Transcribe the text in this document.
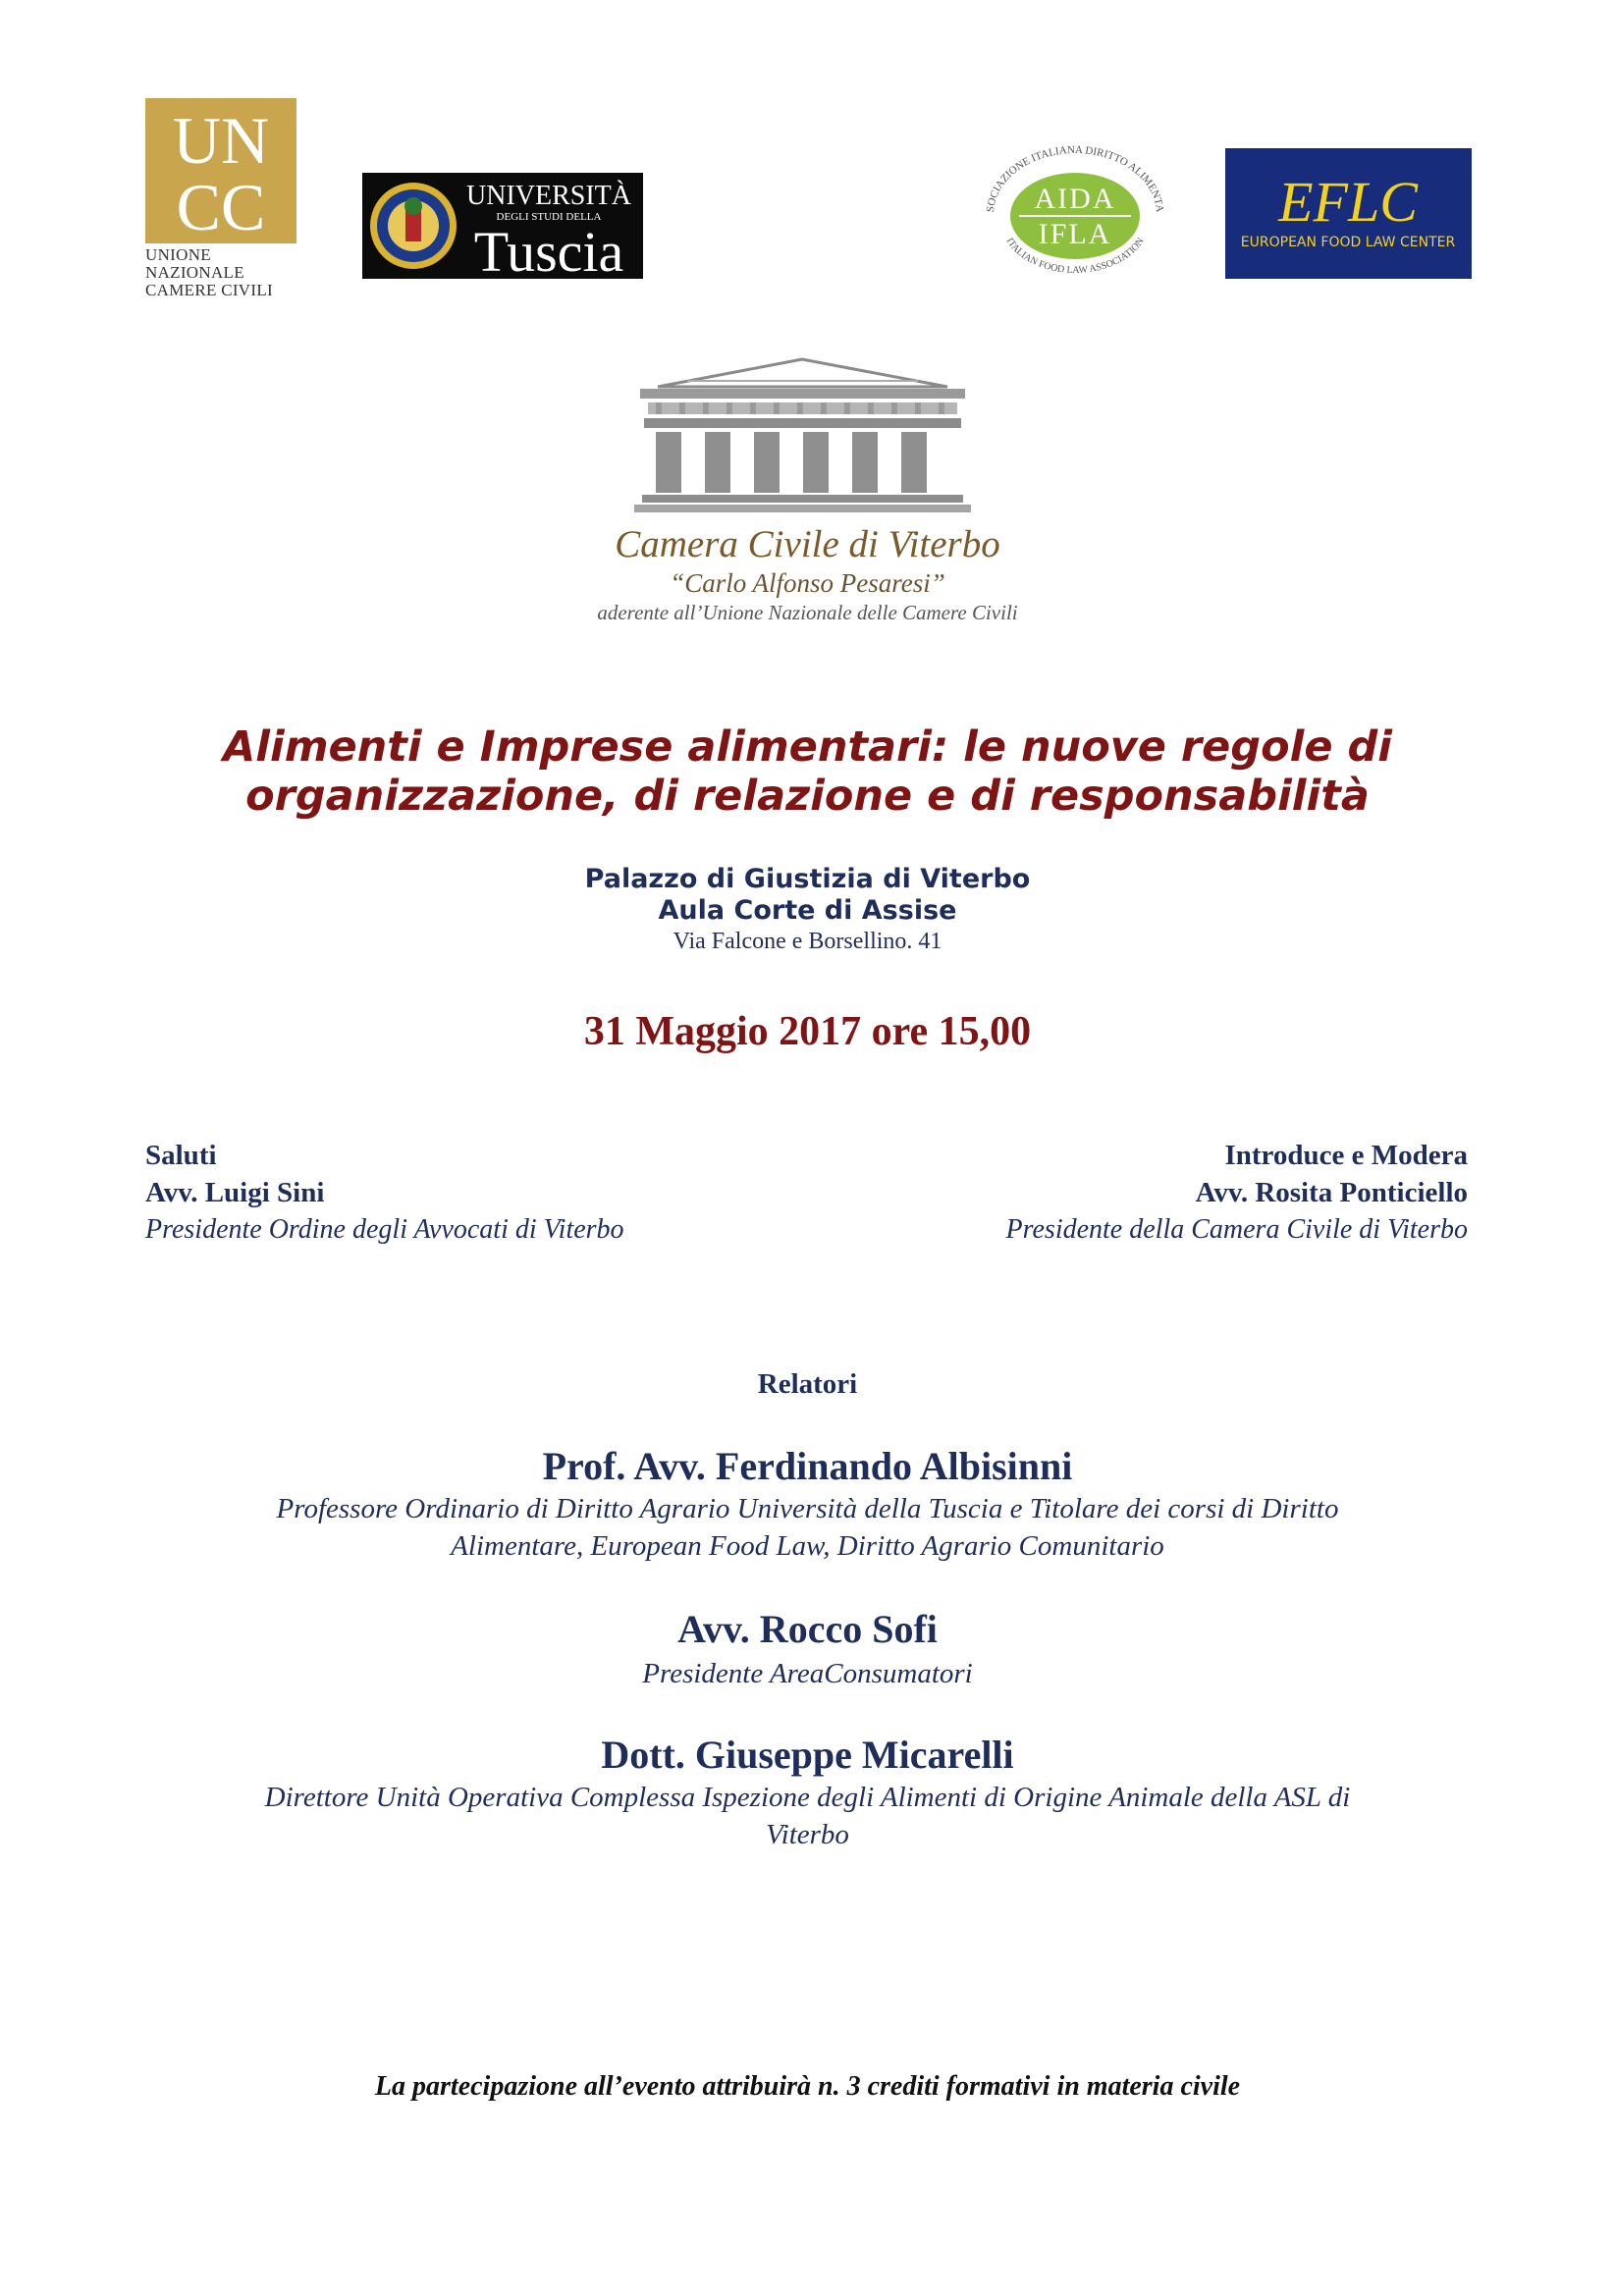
UN
CC
UNIONE NAZIONALE
CAMERE CIVILI
UNIVERSITÀ
DEGLI STUDI DELLA
Tuscia
SOCIAZIONE ITALIANA DIRITTO ALIMENTA
ITALIAN FOOD LAW ASSOCIATION
AIDA
IFLA
EFLC
EUROPEAN FOOD LAW CENTER
Camera Civile di Viterbo
“Carlo Alfonso Pesaresi”
aderente all’Unione Nazionale delle Camere Civili
Alimenti e Imprese alimentari: le nuove regole di
organizzazione, di relazione e di responsabilità
Palazzo di Giustizia di Viterbo
Aula Corte di Assise
Via Falcone e Borsellino. 41
31 Maggio 2017 ore 15,00
Saluti
Avv. Luigi Sini
Presidente Ordine degli Avvocati di Viterbo
Introduce e Modera
Avv. Rosita Ponticiello
Presidente della Camera Civile di Viterbo
Relatori
Prof. Avv. Ferdinando Albisinni
Professore Ordinario di Diritto Agrario Università della Tuscia e Titolare dei corsi di Diritto
Alimentare, European Food Law, Diritto Agrario Comunitario
Avv. Rocco Sofi
Presidente AreaConsumatori
Dott. Giuseppe Micarelli
Direttore Unità Operativa Complessa Ispezione degli Alimenti di Origine Animale della ASL di
Viterbo
La partecipazione all’evento attribuirà n. 3 crediti formativi in materia civile
